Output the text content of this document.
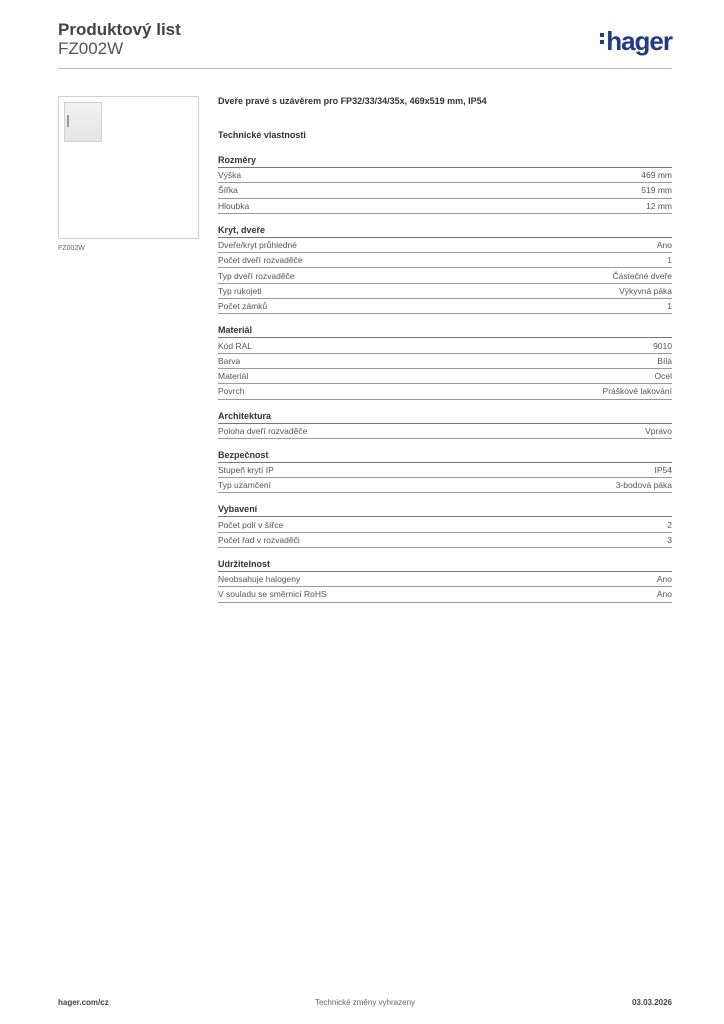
Produktový list
FZ002W	hager
FZ002W
Dveře pravé s uzávěrem pro FP32/33/34/35x, 469x519 mm, IP54
Technické vlastnosti
Rozměry
Výška	469 mm
Šířka	519 mm
Hloubka	12 mm
Kryt, dveře
Dveře/kryt průhledné	Ano
Počet dveří rozvaděče	1
Typ dveří rozvaděče	Částečné dveře
Typ rukojeti	Výkyvná páka
Počet zámků	1
Materiál
Kód RAL	9010
Barva	Bílá
Materiál	Ocel
Povrch	Práškové lakování
Architektura
Poloha dveří rozvaděče	Vpravo
Bezpečnost
Stupeň krytí IP	IP54
Typ uzamčení	3-bodová páka
Vybavení
Počet polí v šířce	2
Počet řad v rozvaděči	3
Udržitelnost
Neobsahuje halogeny	Ano
V souladu se směrnicí RoHS	Ano
hager.com/cz	Technické změny vyhrazeny	03.03.2026
